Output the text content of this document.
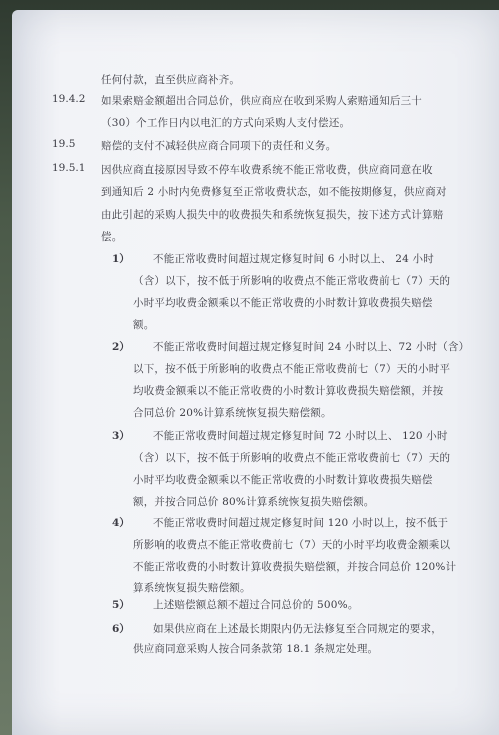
19.4.2
19.5
19.5.1
1）
2）
3）
4）
5）
6）
任何付款，直至供应商补齐。
如果索赔金额超出合同总价，供应商应在收到采购人索赔通知后三十
（30）个工作日内以电汇的方式向采购人支付偿还。
赔偿的支付不减轻供应商合同项下的责任和义务。
因供应商直接原因导致不停车收费系统不能正常收费，供应商同意在收
到通知后 2 小时内免费修复至正常收费状态，如不能按期修复，供应商对
由此引起的采购人损失中的收费损失和系统恢复损失，按下述方式计算赔
偿。
不能正常收费时间超过规定修复时间 6 小时以上、 24 小时
（含）以下，按不低于所影响的收费点不能正常收费前七（7）天的
小时平均收费金额乘以不能正常收费的小时数计算收费损失赔偿
额。
不能正常收费时间超过规定修复时间 24 小时以上、72 小时（含）
以下，按不低于所影响的收费点不能正常收费前七（7）天的小时平
均收费金额乘以不能正常收费的小时数计算收费损失赔偿额，并按
合同总价 20%计算系统恢复损失赔偿额。
不能正常收费时间超过规定修复时间 72 小时以上、 120 小时
（含）以下，按不低于所影响的收费点不能正常收费前七（7）天的
小时平均收费金额乘以不能正常收费的小时数计算收费损失赔偿
额，并按合同总价 80%计算系统恢复损失赔偿额。
不能正常收费时间超过规定修复时间 120 小时以上，按不低于
所影响的收费点不能正常收费前七（7）天的小时平均收费金额乘以
不能正常收费的小时数计算收费损失赔偿额，并按合同总价 120%计
算系统恢复损失赔偿额。
上述赔偿额总额不超过合同总价的 500%。
如果供应商在上述最长期限内仍无法修复至合同规定的要求，
供应商同意采购人按合同条款第 18.1 条规定处理。
